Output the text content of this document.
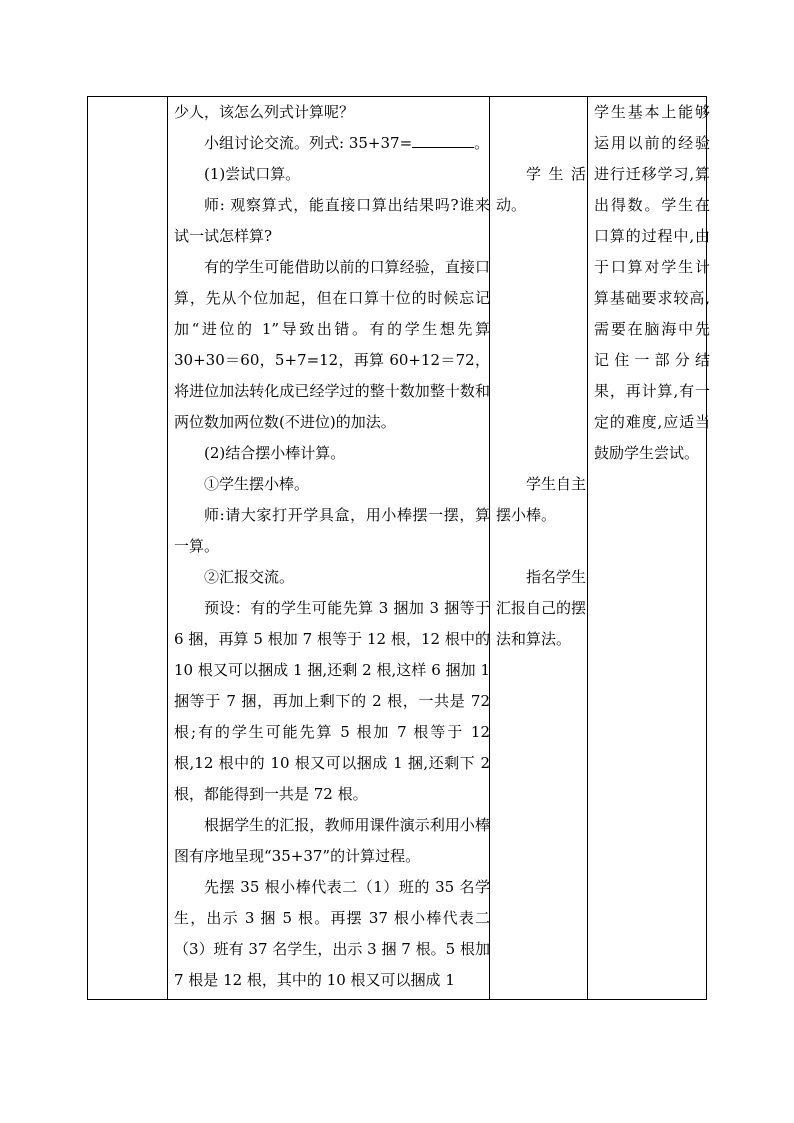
少人，该怎么列式计算呢？

小组讨论交流。列式: 35+37=	。

(1)尝试口算。

师: 观察算式，能直接口算出结果吗?谁来试一试怎样算?

有的学生可能借助以前的口算经验，直接口算，先从个位加起，但在口算十位的时候忘记加“进位的 1”导致出错。有的学生想先算 30+30＝60，5+7=12，再算 60+12＝72，将进位加法转化成已经学过的整十数加整十数和两位数加两位数(不进位)的加法。

(2)结合摆小棒计算。

①学生摆小棒。

师:请大家打开学具盒，用小棒摆一摆，算一算。

②汇报交流。

预设：有的学生可能先算 3 捆加 3 捆等于 6 捆，再算 5 根加 7 根等于 12 根，12 根中的 10 根又可以捆成 1 捆,还剩 2 根,这样 6 捆加 1 捆等于 7 捆，再加上剩下的 2 根，一共是 72 根;有的学生可能先算 5 根加 7 根等于 12 根,12 根中的 10 根又可以捆成 1 捆,还剩下 2 根，都能得到一共是 72 根。

根据学生的汇报，教师用课件演示利用小棒图有序地呈现“35+37”的计算过程。

先摆 35 根小棒代表二（1）班的 35 名学生，出示 3 捆 5 根。再摆 37 根小棒代表二（3）班有 37 名学生，出示 3 捆 7 根。5 根加 7 根是 12 根，其中的 10 根又可以捆成 1

学生活动。

学生自主摆小棒。

指名学生汇报自己的摆法和算法。

学生基本上能够运用以前的经验进行迁移学习,算出得数。学生在口算的过程中,由于口算对学生计算基础要求较高,需要在脑海中先记住一部分结果，再计算,有一定的难度,应适当鼓励学生尝试。
